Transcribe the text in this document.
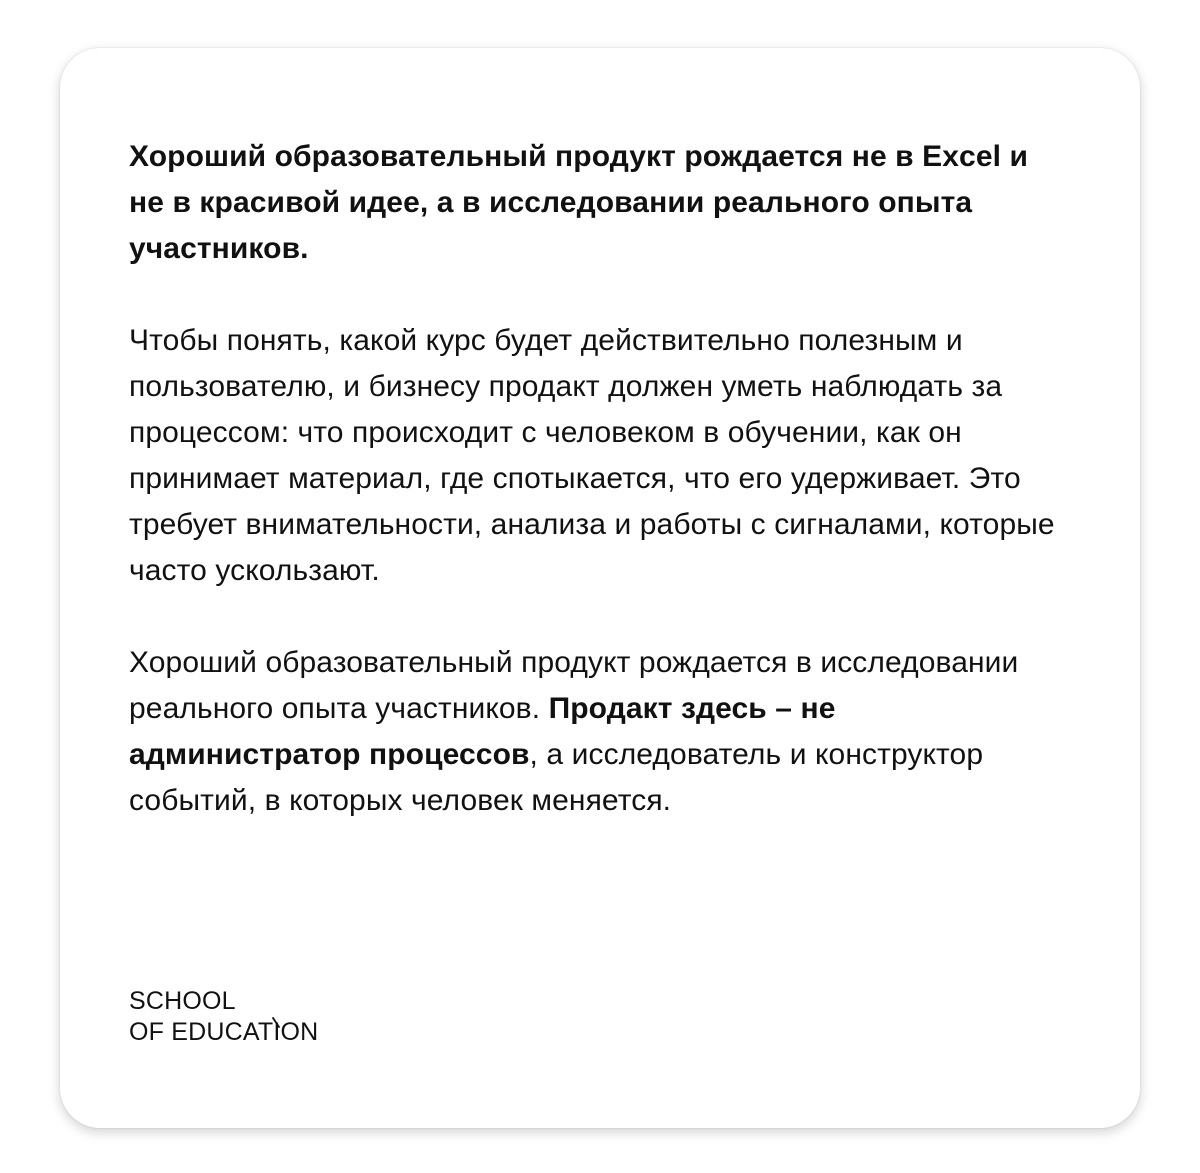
Хороший образовательный продукт рождается не в Excel и не в красивой идее, а в исследовании реального опыта участников.

Чтобы понять, какой курс будет действительно полезным и пользователю, и бизнесу продакт должен уметь наблюдать за процессом: что происходит с человеком в обучении, как он принимает материал, где спотыкается, что его удерживает. Это требует внимательности, анализа и работы с сигналами, которые часто ускользают.

Хороший образовательный продукт рождается в исследовании реального опыта участников. Продакт здесь – не администратор процессов, а исследователь и конструктор событий, в которых человек меняется.

SCHOOL
OF EDUCATION
